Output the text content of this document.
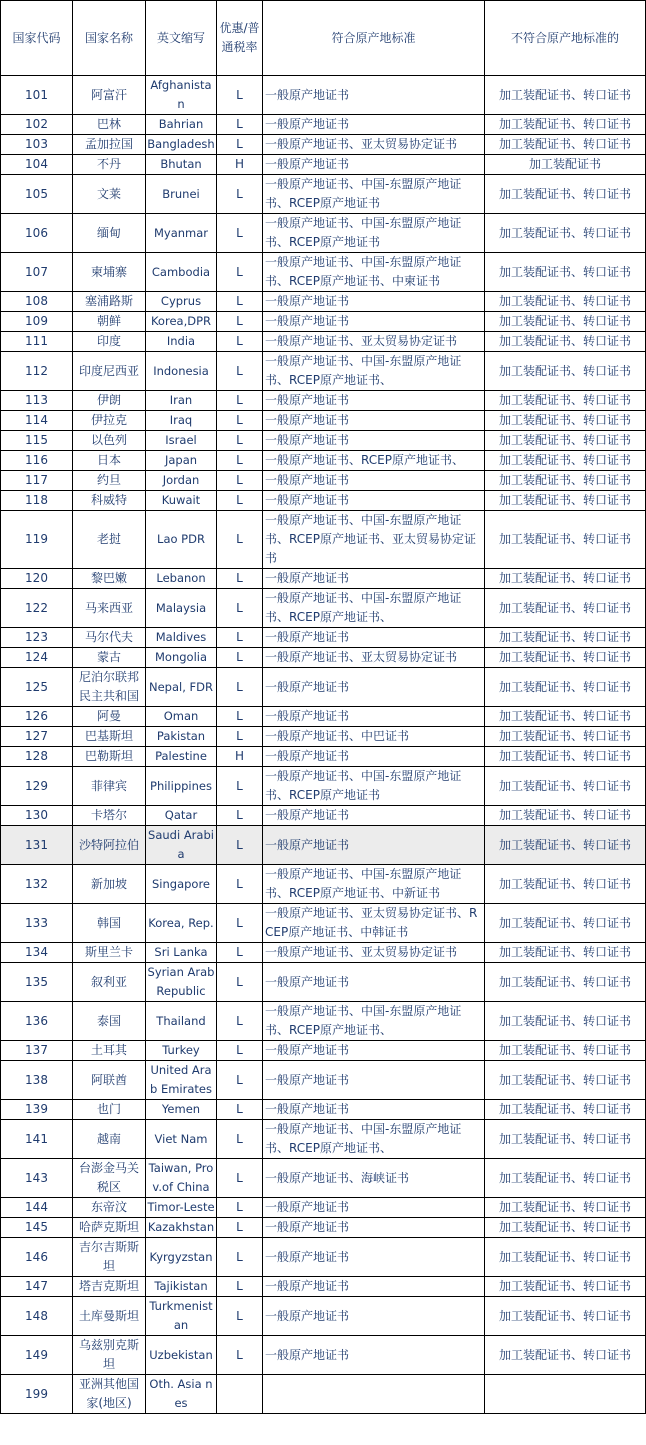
国家代码	国家名称	英文缩写	优惠/普通税率	符合原产地标准	不符合原产地标准的
101	阿富汗	Afghanistan	L	一般原产地证书	加工装配证书、转口证书
102	巴林	Bahrian	L	一般原产地证书	加工装配证书、转口证书
103	孟加拉国	Bangladesh	L	一般原产地证书、亚太贸易协定证书	加工装配证书、转口证书
104	不丹	Bhutan	H	一般原产地证书	加工装配证书
105	文莱	Brunei	L	一般原产地证书、中国-东盟原产地证书、RCEP原产地证书	加工装配证书、转口证书
106	缅甸	Myanmar	L	一般原产地证书、中国-东盟原产地证书、RCEP原产地证书	加工装配证书、转口证书
107	柬埔寨	Cambodia	L	一般原产地证书、中国-东盟原产地证书、RCEP原产地证书、中柬证书	加工装配证书、转口证书
108	塞浦路斯	Cyprus	L	一般原产地证书	加工装配证书、转口证书
109	朝鲜	Korea,DPR	L	一般原产地证书	加工装配证书、转口证书
111	印度	India	L	一般原产地证书、亚太贸易协定证书	加工装配证书、转口证书
112	印度尼西亚	Indonesia	L	一般原产地证书、中国-东盟原产地证书、RCEP原产地证书、	加工装配证书、转口证书
113	伊朗	Iran	L	一般原产地证书	加工装配证书、转口证书
114	伊拉克	Iraq	L	一般原产地证书	加工装配证书、转口证书
115	以色列	Israel	L	一般原产地证书	加工装配证书、转口证书
116	日本	Japan	L	一般原产地证书、RCEP原产地证书、	加工装配证书、转口证书
117	约旦	Jordan	L	一般原产地证书	加工装配证书、转口证书
118	科威特	Kuwait	L	一般原产地证书	加工装配证书、转口证书
119	老挝	Lao PDR	L	一般原产地证书、中国-东盟原产地证书、RCEP原产地证书、亚太贸易协定证书	加工装配证书、转口证书
120	黎巴嫩	Lebanon	L	一般原产地证书	加工装配证书、转口证书
122	马来西亚	Malaysia	L	一般原产地证书、中国-东盟原产地证书、RCEP原产地证书、	加工装配证书、转口证书
123	马尔代夫	Maldives	L	一般原产地证书	加工装配证书、转口证书
124	蒙古	Mongolia	L	一般原产地证书、亚太贸易协定证书	加工装配证书、转口证书
125	尼泊尔联邦民主共和国	Nepal, FDR	L	一般原产地证书	加工装配证书、转口证书
126	阿曼	Oman	L	一般原产地证书	加工装配证书、转口证书
127	巴基斯坦	Pakistan	L	一般原产地证书、中巴证书	加工装配证书、转口证书
128	巴勒斯坦	Palestine	H	一般原产地证书	加工装配证书、转口证书
129	菲律宾	Philippines	L	一般原产地证书、中国-东盟原产地证书、RCEP原产地证书	加工装配证书、转口证书
130	卡塔尔	Qatar	L	一般原产地证书	加工装配证书、转口证书
131	沙特阿拉伯	Saudi Arabia	L	一般原产地证书	加工装配证书、转口证书
132	新加坡	Singapore	L	一般原产地证书、中国-东盟原产地证书、RCEP原产地证书、中新证书	加工装配证书、转口证书
133	韩国	Korea, Rep.	L	一般原产地证书、亚太贸易协定证书、RCEP原产地证书、中韩证书	加工装配证书、转口证书
134	斯里兰卡	Sri Lanka	L	一般原产地证书、亚太贸易协定证书	加工装配证书、转口证书
135	叙利亚	Syrian Arab Republic	L	一般原产地证书	加工装配证书、转口证书
136	泰国	Thailand	L	一般原产地证书、中国-东盟原产地证书、RCEP原产地证书、	加工装配证书、转口证书
137	土耳其	Turkey	L	一般原产地证书	加工装配证书、转口证书
138	阿联酋	United Arab Emirates	L	一般原产地证书	加工装配证书、转口证书
139	也门	Yemen	L	一般原产地证书	加工装配证书、转口证书
141	越南	Viet Nam	L	一般原产地证书、中国-东盟原产地证书、RCEP原产地证书、	加工装配证书、转口证书
143	台澎金马关税区	Taiwan, Prov.of China	L	一般原产地证书、海峡证书	加工装配证书、转口证书
144	东帝汶	Timor-Leste	L	一般原产地证书	加工装配证书、转口证书
145	哈萨克斯坦	Kazakhstan	L	一般原产地证书	加工装配证书、转口证书
146	吉尔吉斯斯坦	Kyrgyzstan	L	一般原产地证书	加工装配证书、转口证书
147	塔吉克斯坦	Tajikistan	L	一般原产地证书	加工装配证书、转口证书
148	土库曼斯坦	Turkmenistan	L	一般原产地证书	加工装配证书、转口证书
149	乌兹别克斯坦	Uzbekistan	L	一般原产地证书	加工装配证书、转口证书
199	亚洲其他国家(地区)	Oth. Asia nes			
